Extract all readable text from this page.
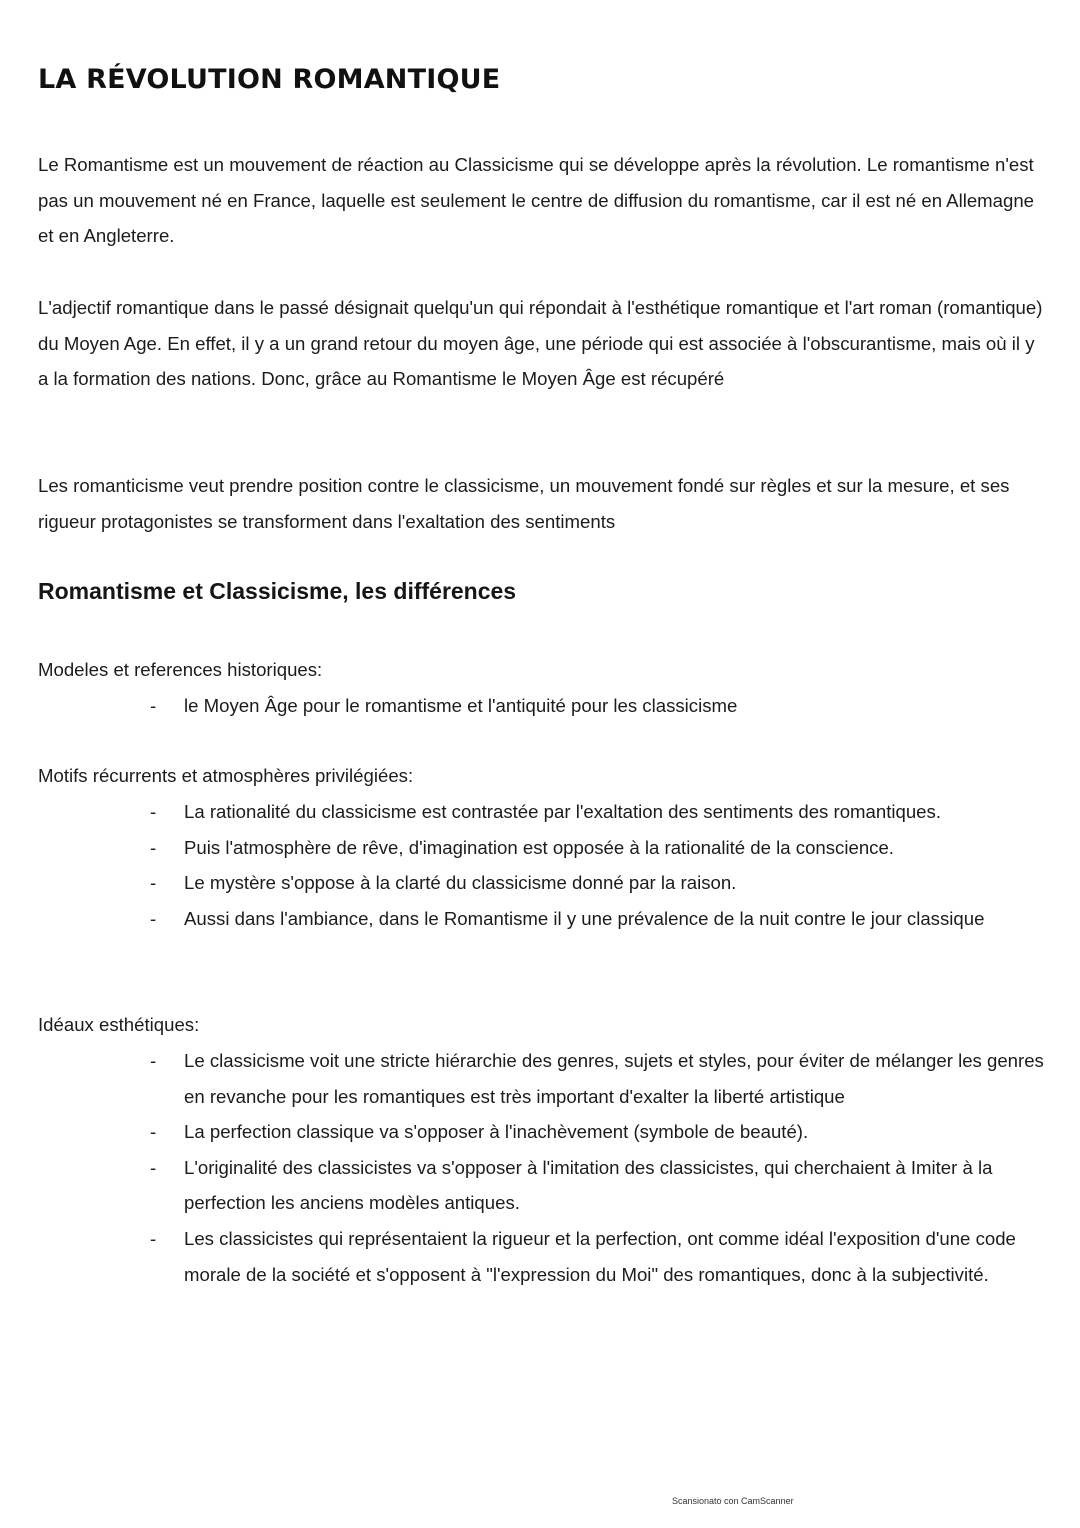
LA RÉVOLUTION ROMANTIQUE

Le Romantisme est un mouvement de réaction au Classicisme qui se développe après la révolution. Le romantisme n'est pas un mouvement né en France, laquelle est seulement le centre de diffusion du romantisme, car il est né en Allemagne et en Angleterre.

L'adjectif romantique dans le passé désignait quelqu'un qui répondait à l'esthétique romantique et l'art roman (romantique) du Moyen Age. En effet, il y a un grand retour du moyen âge, une période qui est associée à l'obscurantisme, mais où il y a la formation des nations. Donc, grâce au Romantisme le Moyen Âge est récupéré

Les romanticisme veut prendre position contre le classicisme, un mouvement fondé sur règles et sur la mesure, et ses rigueur protagonistes se transforment dans l'exaltation des sentiments

Romantisme et Classicisme, les différences

Modeles et references historiques:

- le Moyen Âge pour le romantisme et l'antiquité pour les classicisme

Motifs récurrents et atmosphères privilégiées:

- La rationalité du classicisme est contrastée par l'exaltation des sentiments des romantiques.
- Puis l'atmosphère de rêve, d'imagination est opposée à la rationalité de la conscience.
- Le mystère s'oppose à la clarté du classicisme donné par la raison.
- Aussi dans l'ambiance, dans le Romantisme il y une prévalence de la nuit contre le jour classique

Idéaux esthétiques:

- Le classicisme voit une stricte hiérarchie des genres, sujets et styles, pour éviter de mélanger les genres en revanche pour les romantiques est très important d'exalter la liberté artistique
- La perfection classique va s'opposer à l'inachèvement (symbole de beauté).
- L'originalité des classicistes va s'opposer à l'imitation des classicistes, qui cherchaient à Imiter à la perfection les anciens modèles antiques.
- Les classicistes qui représentaient la rigueur et la perfection, ont comme idéal l'exposition d'une code morale de la société et s'opposent à "l'expression du Moi" des romantiques, donc à la subjectivité.
Scansionato con CamScanner
